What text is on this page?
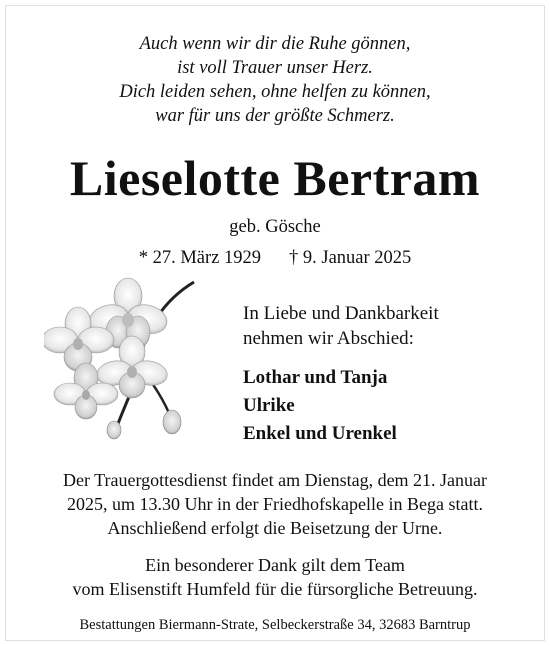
Auch wenn wir dir die Ruhe gönnen,
ist voll Trauer unser Herz.
Dich leiden sehen, ohne helfen zu können,
war für uns der größte Schmerz.
Lieselotte Bertram
geb. Gösche
* 27. März 1929 † 9. Januar 2025
In Liebe und Dankbarkeit
nehmen wir Abschied:
Lothar und Tanja
Ulrike
Enkel und Urenkel
Der Trauergottesdienst findet am Dienstag, dem 21. Januar
2025, um 13.30 Uhr in der Friedhofskapelle in Bega statt.
Anschließend erfolgt die Beisetzung der Urne.
Ein besonderer Dank gilt dem Team
vom Elisenstift Humfeld für die fürsorgliche Betreuung.
Bestattungen Biermann-Strate, Selbeckerstraße 34, 32683 Barntrup
